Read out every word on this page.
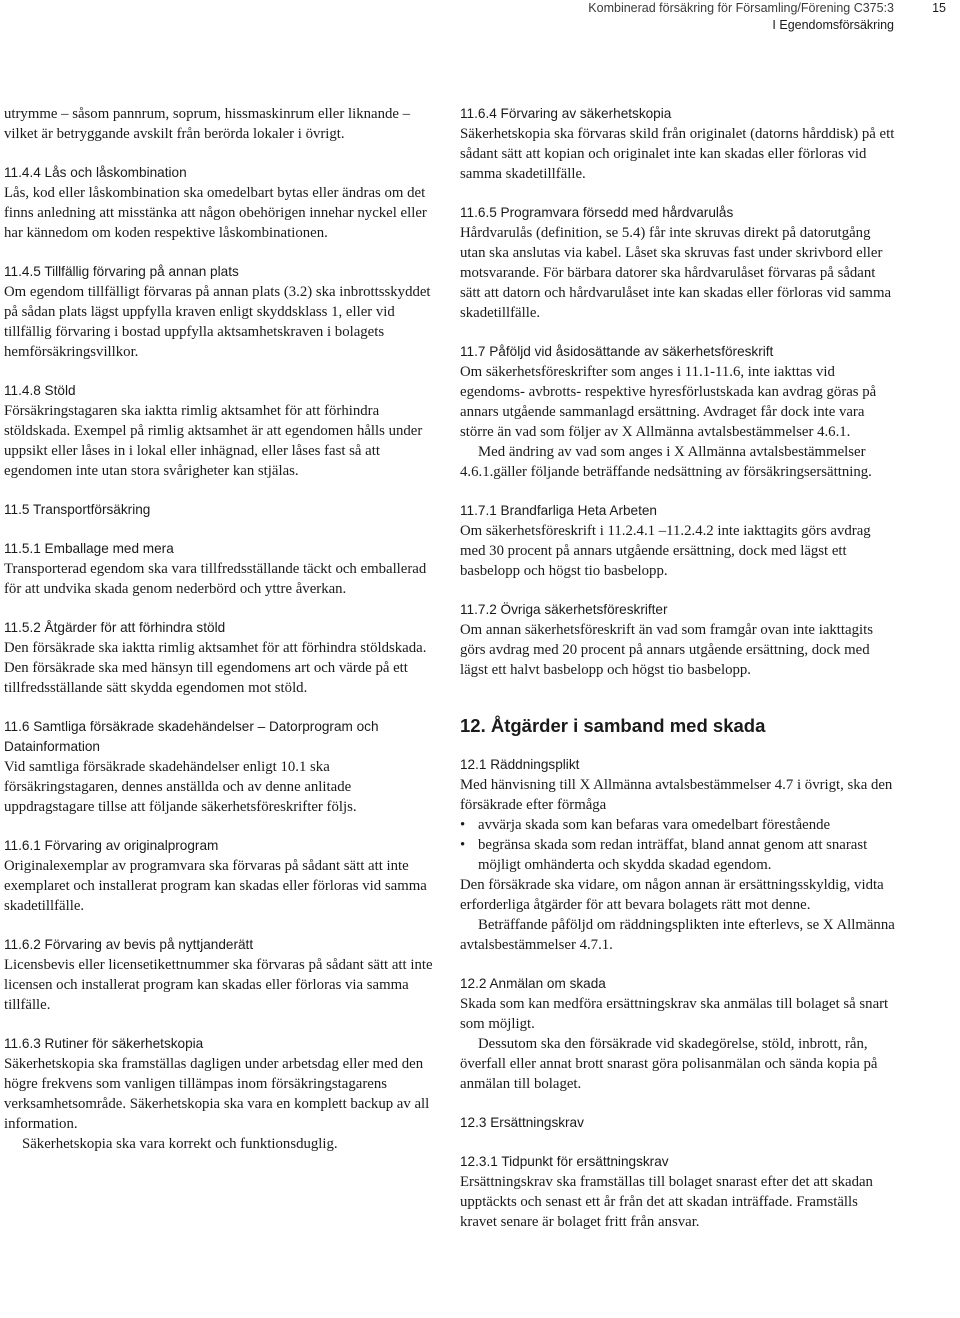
Kombinerad försäkring för Församling/Förening C375:3
I Egendomsförsäkring
15

utrymme – såsom pannrum, soprum, hissmaskinrum eller liknande – vilket är betryggande avskilt från berörda lokaler i övrigt.

11.4.4 Lås och låskombination

Lås, kod eller låskombination ska omedelbart bytas eller ändras om det finns anledning att misstänka att någon obehörigen innehar nyckel eller har kännedom om koden respektive låskombinationen.

11.4.5 Tillfällig förvaring på annan plats

Om egendom tillfälligt förvaras på annan plats (3.2) ska inbrottsskyddet på sådan plats lägst uppfylla kraven enligt skyddsklass 1, eller vid tillfällig förvaring i bostad uppfylla aktsamhetskraven i bolagets hemförsäkringsvillkor.

11.4.8 Stöld

Försäkringstagaren ska iaktta rimlig aktsamhet för att förhindra stöldskada. Exempel på rimlig aktsamhet är att egendomen hålls under uppsikt eller låses in i lokal eller inhägnad, eller låses fast så att egendomen inte utan stora svårigheter kan stjälas.

11.5 Transportförsäkring
11.5.1 Emballage med mera

Transporterad egendom ska vara tillfredsställande täckt och emballerad för att undvika skada genom nederbörd och yttre åverkan.

11.5.2 Åtgärder för att förhindra stöld

Den försäkrade ska iaktta rimlig aktsamhet för att förhindra stöldskada. Den försäkrade ska med hänsyn till egendomens art och värde på ett tillfredsställande sätt skydda egendomen mot stöld.

11.6 Samtliga försäkrade skadehändelser – Datorprogram och Datainformation

Vid samtliga försäkrade skadehändelser enligt 10.1 ska försäkringstagaren, dennes anställda och av denne anlitade uppdragstagare tillse att följande säkerhetsföreskrifter följs.

11.6.1 Förvaring av originalprogram

Originalexemplar av programvara ska förvaras på sådant sätt att inte exemplaret och installerat program kan skadas eller förloras vid samma skadetillfälle.

11.6.2 Förvaring av bevis på nyttjanderätt

Licensbevis eller licensetikettnummer ska förvaras på sådant sätt att inte licensen och installerat program kan skadas eller förloras via samma tillfälle.

11.6.3 Rutiner för säkerhetskopia

Säkerhetskopia ska framställas dagligen under arbetsdag eller med den högre frekvens som vanligen tillämpas inom försäkringstagarens verksamhetsområde. Säkerhetskopia ska vara en komplett backup av all information.

Säkerhetskopia ska vara korrekt och funktionsduglig.

11.6.4 Förvaring av säkerhetskopia

Säkerhetskopia ska förvaras skild från originalet (datorns hårddisk) på ett sådant sätt att kopian och originalet inte kan skadas eller förloras vid samma skadetillfälle.

11.6.5 Programvara försedd med hårdvarulås

Hårdvarulås (definition, se 5.4) får inte skruvas direkt på datorutgång utan ska anslutas via kabel. Låset ska skruvas fast under skrivbord eller motsvarande. För bärbara datorer ska hårdvarulåset förvaras på sådant sätt att datorn och hårdvarulåset inte kan skadas eller förloras vid samma skadetillfälle.

11.7 Påföljd vid åsidosättande av säkerhetsföreskrift

Om säkerhetsföreskrifter som anges i 11.1-11.6, inte iakttas vid egendoms- avbrotts- respektive hyresförlustskada kan avdrag göras på annars utgående sammanlagd ersättning. Avdraget får dock inte vara större än vad som följer av X Allmänna avtalsbestämmelser 4.6.1.

Med ändring av vad som anges i X Allmänna avtalsbestämmelser 4.6.1.gäller följande beträffande nedsättning av försäkringsersättning.

11.7.1 Brandfarliga Heta Arbeten

Om säkerhetsföreskrift i 11.2.4.1 –11.2.4.2 inte iakttagits görs avdrag med 30 procent på annars utgående ersättning, dock med lägst ett basbelopp och högst tio basbelopp.

11.7.2 Övriga säkerhetsföreskrifter

Om annan säkerhetsföreskrift än vad som framgår ovan inte iakttagits görs avdrag med 20 procent på annars utgående ersättning, dock med lägst ett halvt basbelopp och högst tio basbelopp.

12. Åtgärder i samband med skada
12.1 Räddningsplikt

Med hänvisning till X Allmänna avtalsbestämmelser 4.7 i övrigt, ska den försäkrade efter förmåga

• avvärja skada som kan befaras vara omedelbart förestående
• begränsa skada som redan inträffat, bland annat genom att snarast möjligt omhänderta och skydda skadad egendom.

Den försäkrade ska vidare, om någon annan är ersättningsskyldig, vidta erforderliga åtgärder för att bevara bolagets rätt mot denne.

Beträffande påföljd om räddningsplikten inte efterlevs, se X Allmänna avtalsbestämmelser 4.7.1.

12.2 Anmälan om skada

Skada som kan medföra ersättningskrav ska anmälas till bolaget så snart som möjligt.

Dessutom ska den försäkrade vid skadegörelse, stöld, inbrott, rån, överfall eller annat brott snarast göra polisanmälan och sända kopia på anmälan till bolaget.

12.3 Ersättningskrav
12.3.1 Tidpunkt för ersättningskrav

Ersättningskrav ska framställas till bolaget snarast efter det att skadan upptäckts och senast ett år från det att skadan inträffade. Framställs kravet senare är bolaget fritt från ansvar.
